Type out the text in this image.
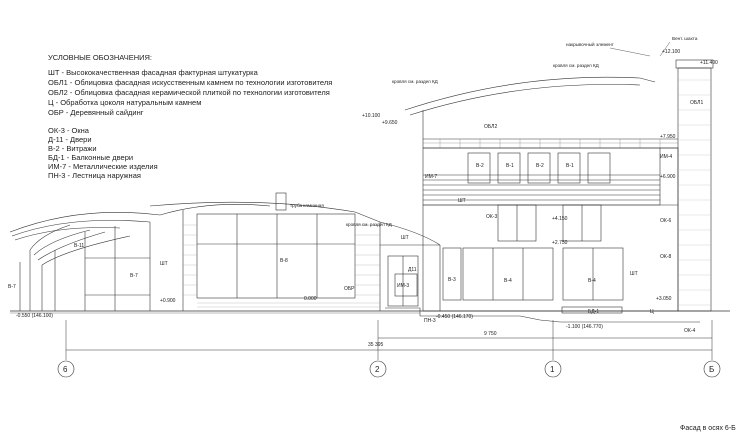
УСЛОВНЫЕ ОБОЗНАЧЕНИЯ:
ШТ - Высококачественная фасадная фактурная штукатурка
ОБЛ1 - Облицовка фасадная искусственным камнем по технологии изготовителя
ОБЛ2 - Облицовка фасадная керамической плиткой по технологии изготовителя
Ц - Обработка цоколя натуральным камнем
ОБР - Деревянный сайдинг
ОК-3 - Окна
Д-11 - Двери
В-2 - Витражи
БД-1 - Балконные двери
ИМ-7 - Металлические изделия
ПН-3 - Лестница наружная
В-11
В-7
В-7
ШТ	В-8
ОБР
ШТ
Д11
ИМ-3
ПН-3
ОБЛ2
В-2	В-1	В-2	В-1
ИМ-7
ШТ
ОК-3
В-3	В-4	В-4
ШТ
БД-1	Ц
ОБЛ1
ИМ-4
ОК-6
ОК-8
ОК-4
Вент. шахта
накрывочный элемент
кровля см. раздел КД
кровля см. раздел КД
кровля см. раздел КД
труба каминная
+12.100
+11.400
+10.100
+9.650
+7.950
+6.900
+4.150
+3.050
+2.750
+0.900	0.000
-0.450 (146.170)
-0.550 (146.100)
-1.100 (146.770)
35 395
9 750
6	2	1	Б
Фасад в осях 6-Б
